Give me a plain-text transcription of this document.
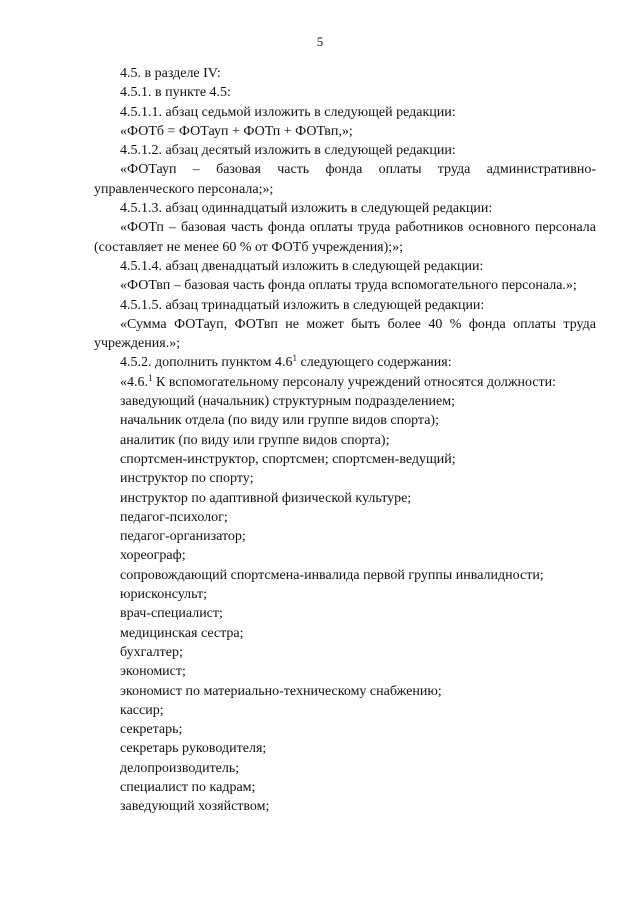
5

4.5. в разделе IV:

4.5.1. в пункте 4.5:

4.5.1.1. абзац седьмой изложить в следующей редакции:

«ФОТб = ФОТауп + ФОТп + ФОТвп,»;

4.5.1.2. абзац десятый изложить в следующей редакции:

«ФОТауп – базовая часть фонда оплаты труда административно-управленческого персонала;»;

4.5.1.3. абзац одиннадцатый изложить в следующей редакции:

«ФОТп – базовая часть фонда оплаты труда работников основного персонала (составляет не менее 60 % от ФОТб учреждения);»;

4.5.1.4. абзац двенадцатый изложить в следующей редакции:

«ФОТвп – базовая часть фонда оплаты труда вспомогательного персонала.»;

4.5.1.5. абзац тринадцатый изложить в следующей редакции:

«Сумма ФОТауп, ФОТвп не может быть более 40 % фонда оплаты труда учреждения.»;

4.5.2. дополнить пунктом $4.6^1$ следующего содержания:

«4.6.$^1$ К вспомогательному персоналу учреждений относятся должности:

заведующий (начальник) структурным подразделением;

начальник отдела (по виду или группе видов спорта);

аналитик (по виду или группе видов спорта);

спортсмен-инструктор, спортсмен; спортсмен-ведущий;

инструктор по спорту;

инструктор по адаптивной физической культуре;

педагог-психолог;

педагог-организатор;

хореограф;

сопровождающий спортсмена-инвалида первой группы инвалидности;

юрисконсульт;

врач-специалист;

медицинская сестра;

бухгалтер;

экономист;

экономист по материально-техническому снабжению;

кассир;

секретарь;

секретарь руководителя;

делопроизводитель;

специалист по кадрам;

заведующий хозяйством;
